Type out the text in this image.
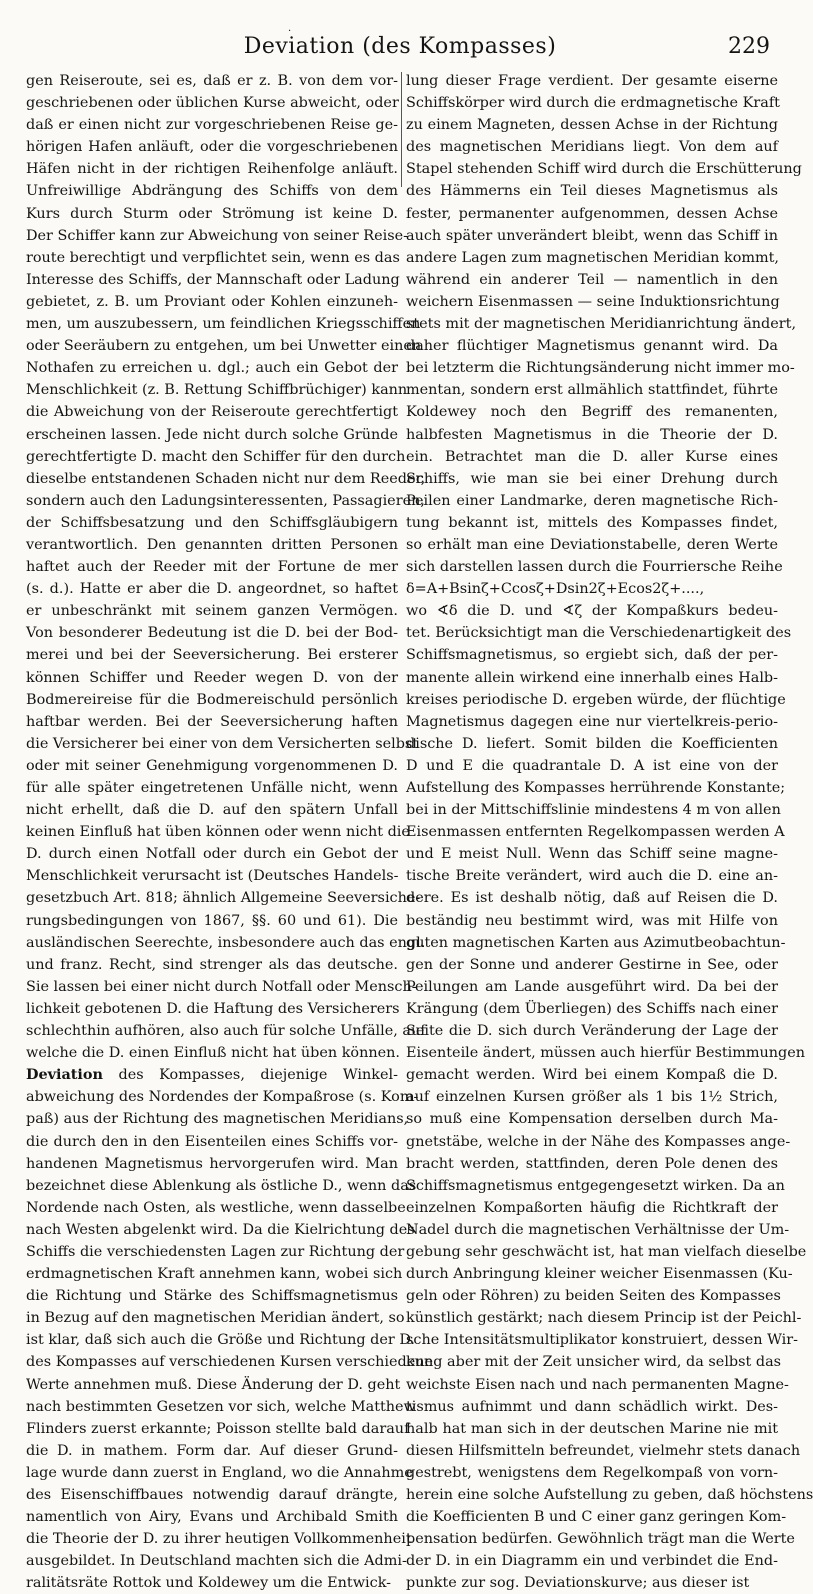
·
Deviation (des Kompasses)	229
gen Reiseroute, sei es, daß er z. B. von dem vor-
geschriebenen oder üblichen Kurse abweicht, oder
daß er einen nicht zur vorgeschriebenen Reise ge-
hörigen Hafen anläuft, oder die vorgeschriebenen
Häfen nicht in der richtigen Reihenfolge anläuft.
Unfreiwillige Abdrängung des Schiffs von dem
Kurs durch Sturm oder Strömung ist keine D.
Der Schiffer kann zur Abweichung von seiner Reise-
route berechtigt und verpflichtet sein, wenn es das
Interesse des Schiffs, der Mannschaft oder Ladung
gebietet, z. B. um Proviant oder Kohlen einzuneh-
men, um auszubessern, um feindlichen Kriegsschiffen
oder Seeräubern zu entgehen, um bei Unwetter einen
Nothafen zu erreichen u. dgl.; auch ein Gebot der
Menschlichkeit (z. B. Rettung Schiffbrüchiger) kann
die Abweichung von der Reiseroute gerechtfertigt
erscheinen lassen. Jede nicht durch solche Gründe
gerechtfertigte D. macht den Schiffer für den durch
dieselbe entstandenen Schaden nicht nur dem Reeder,
sondern auch den Ladungsinteressenten, Passagieren,
der Schiffsbesatzung und den Schiffsgläubigern
verantwortlich. Den genannten dritten Personen
haftet auch der Reeder mit der Fortune de mer
(s. d.). Hatte er aber die D. angeordnet, so haftet
er unbeschränkt mit seinem ganzen Vermögen.
Von besonderer Bedeutung ist die D. bei der Bod-
merei und bei der Seeversicherung. Bei ersterer
können Schiffer und Reeder wegen D. von der
Bodmereireise für die Bodmereischuld persönlich
haftbar werden. Bei der Seeversicherung haften
die Versicherer bei einer von dem Versicherten selbst
oder mit seiner Genehmigung vorgenommenen D.
für alle später eingetretenen Unfälle nicht, wenn
nicht erhellt, daß die D. auf den spätern Unfall
keinen Einfluß hat üben können oder wenn nicht die
D. durch einen Notfall oder durch ein Gebot der
Menschlichkeit verursacht ist (Deutsches Handels-
gesetzbuch Art. 818; ähnlich Allgemeine Seeversiche-
rungsbedingungen von 1867, §§. 60 und 61). Die
ausländischen Seerechte, insbesondere auch das engl.
und franz. Recht, sind strenger als das deutsche.
Sie lassen bei einer nicht durch Notfall oder Mensch-
lichkeit gebotenen D. die Haftung des Versicherers
schlechthin aufhören, also auch für solche Unfälle, auf
welche die D. einen Einfluß nicht hat üben können.
Deviation des Kompasses, diejenige Winkel-
abweichung des Nordendes der Kompaßrose (s. Kom-
paß) aus der Richtung des magnetischen Meridians,
die durch den in den Eisenteilen eines Schiffs vor-
handenen Magnetismus hervorgerufen wird. Man
bezeichnet diese Ablenkung als östliche D., wenn das
Nordende nach Osten, als westliche, wenn dasselbe
nach Westen abgelenkt wird. Da die Kielrichtung des
Schiffs die verschiedensten Lagen zur Richtung der
erdmagnetischen Kraft annehmen kann, wobei sich
die Richtung und Stärke des Schiffsmagnetismus
in Bezug auf den magnetischen Meridian ändert, so
ist klar, daß sich auch die Größe und Richtung der D.
des Kompasses auf verschiedenen Kursen verschiedene
Werte annehmen muß. Diese Änderung der D. geht
nach bestimmten Gesetzen vor sich, welche Matthew
Flinders zuerst erkannte; Poisson stellte bald darauf
die D. in mathem. Form dar. Auf dieser Grund-
lage wurde dann zuerst in England, wo die Annahme
des Eisenschiffbaues notwendig darauf drängte,
namentlich von Airy, Evans und Archibald Smith
die Theorie der D. zu ihrer heutigen Vollkommenheit
ausgebildet. In Deutschland machten sich die Admi-
ralitätsräte Rottok und Koldewey um die Entwick-
lung dieser Frage verdient. Der gesamte eiserne
Schiffskörper wird durch die erdmagnetische Kraft
zu einem Magneten, dessen Achse in der Richtung
des magnetischen Meridians liegt. Von dem auf
Stapel stehenden Schiff wird durch die Erschütterung
des Hämmerns ein Teil dieses Magnetismus als
fester, permanenter aufgenommen, dessen Achse
auch später unverändert bleibt, wenn das Schiff in
andere Lagen zum magnetischen Meridian kommt,
während ein anderer Teil — namentlich in den
weichern Eisenmassen — seine Induktionsrichtung
stets mit der magnetischen Meridianrichtung ändert,
daher flüchtiger Magnetismus genannt wird. Da
bei letzterm die Richtungsänderung nicht immer mo-
mentan, sondern erst allmählich stattfindet, führte
Koldewey noch den Begriff des remanenten,
halbfesten Magnetismus in die Theorie der D.
ein. Betrachtet man die D. aller Kurse eines
Schiffs, wie man sie bei einer Drehung durch
Peilen einer Landmarke, deren magnetische Rich-
tung bekannt ist, mittels des Kompasses findet,
so erhält man eine Deviationstabelle, deren Werte
sich darstellen lassen durch die Fourriersche Reihe
δ=A+Bsinζ+Ccosζ+Dsin2ζ+Ecos2ζ+....,
wo ∢δ die D. und ∢ζ der Kompaßkurs bedeu-
tet. Berücksichtigt man die Verschiedenartigkeit des
Schiffsmagnetismus, so ergiebt sich, daß der per-
manente allein wirkend eine innerhalb eines Halb-
kreises periodische D. ergeben würde, der flüchtige
Magnetismus dagegen eine nur viertelkreis-perio-
dische D. liefert. Somit bilden die Koefficienten
D und E die quadrantale D. A ist eine von der
Aufstellung des Kompasses herrührende Konstante;
bei in der Mittschiffslinie mindestens 4 m von allen
Eisenmassen entfernten Regelkompassen werden A
und E meist Null. Wenn das Schiff seine magne-
tische Breite verändert, wird auch die D. eine an-
dere. Es ist deshalb nötig, daß auf Reisen die D.
beständig neu bestimmt wird, was mit Hilfe von
guten magnetischen Karten aus Azimutbeobachtun-
gen der Sonne und anderer Gestirne in See, oder
Peilungen am Lande ausgeführt wird. Da bei der
Krängung (dem Überliegen) des Schiffs nach einer
Seite die D. sich durch Veränderung der Lage der
Eisenteile ändert, müssen auch hierfür Bestimmungen
gemacht werden. Wird bei einem Kompaß die D.
auf einzelnen Kursen größer als 1 bis 1½ Strich,
so muß eine Kompensation derselben durch Ma-
gnetstäbe, welche in der Nähe des Kompasses ange-
bracht werden, stattfinden, deren Pole denen des
Schiffsmagnetismus entgegengesetzt wirken. Da an
einzelnen Kompaßorten häufig die Richtkraft der
Nadel durch die magnetischen Verhältnisse der Um-
gebung sehr geschwächt ist, hat man vielfach dieselbe
durch Anbringung kleiner weicher Eisenmassen (Ku-
geln oder Röhren) zu beiden Seiten des Kompasses
künstlich gestärkt; nach diesem Princip ist der Peichl-
sche Intensitätsmultiplikator konstruiert, dessen Wir-
kung aber mit der Zeit unsicher wird, da selbst das
weichste Eisen nach und nach permanenten Magne-
tismus aufnimmt und dann schädlich wirkt. Des-
halb hat man sich in der deutschen Marine nie mit
diesen Hilfsmitteln befreundet, vielmehr stets danach
gestrebt, wenigstens dem Regelkompaß von vorn-
herein eine solche Aufstellung zu geben, daß höchstens
die Koefficienten B und C einer ganz geringen Kom-
pensation bedürfen. Gewöhnlich trägt man die Werte
der D. in ein Diagramm ein und verbindet die End-
punkte zur sog. Deviationskurve; aus dieser ist
